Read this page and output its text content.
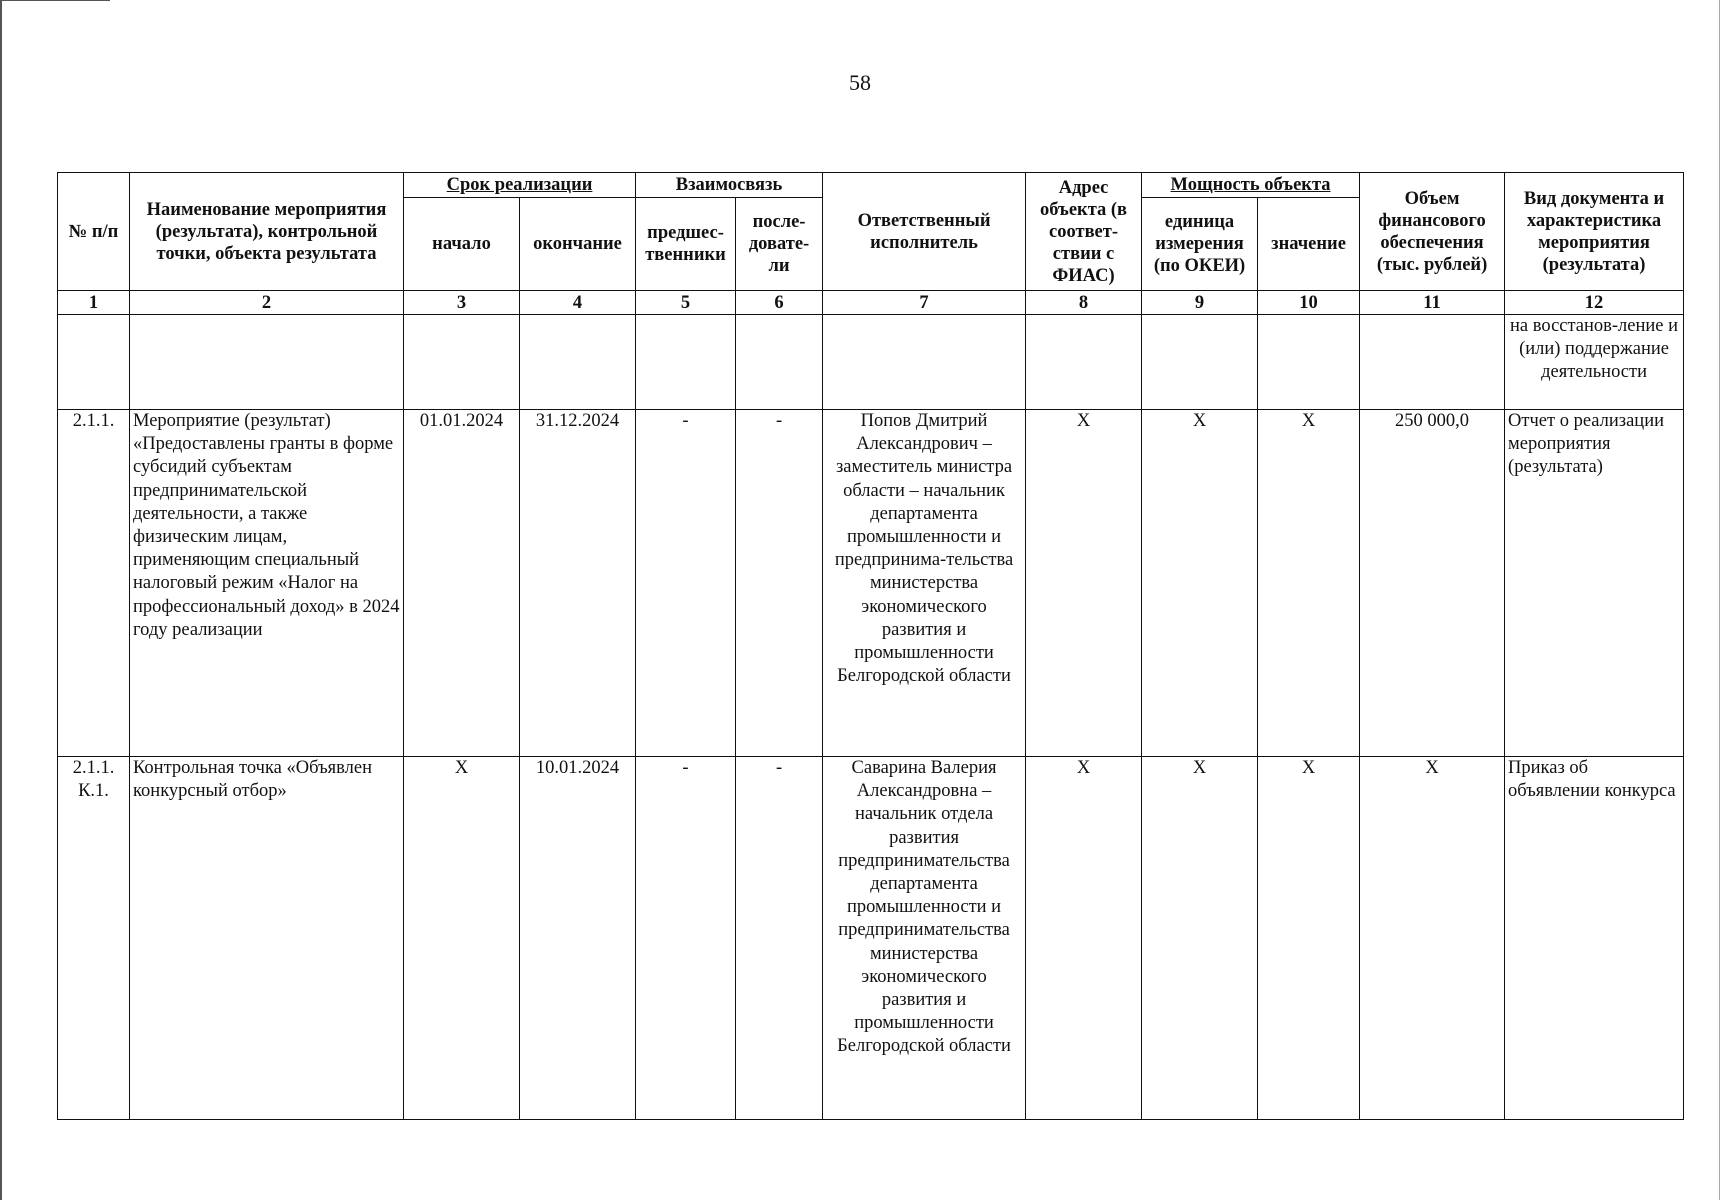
58
№ п/п	Наименование мероприятия (результата), контрольной точки, объекта результата	Срок реализации		Взаимосвязь		Ответственный исполнитель	Адрес объекта (в соответ-ствии с ФИАС)	Мощность объекта		Объем финансового обеспечения (тыс. рублей)	Вид документа и характеристика мероприятия (результата)
		начало	окончание	предшес-твенники	после-довате-ли			единица измерения (по ОКЕИ)	значение		
1	2	3	4	5	6	7	8	9	10	11	12
											на восстанов-ление и (или) поддержание деятельности
2.1.1.	Мероприятие (результат) «Предоставлены гранты в форме субсидий субъектам предпринимательской деятельности, а также физическим лицам, применяющим специальный налоговый режим «Налог на профессиональный доход» в 2024 году реализации	01.01.2024	31.12.2024	-	-	Попов Дмитрий Александрович – заместитель министра области – начальник департамента промышленности и предпринима-тельства министерства экономического развития и промышленности Белгородской области	Х	Х	Х	250 000,0	Отчет о реализации мероприятия (результата)
2.1.1. К.1.	Контрольная точка «Объявлен конкурсный отбор»	Х	10.01.2024	-	-	Саварина Валерия Александровна – начальник отдела развития предпринимательства департамента промышленности и предпринимательства министерства экономического развития и промышленности Белгородской области	Х	Х	Х	Х	Приказ об объявлении конкурса
